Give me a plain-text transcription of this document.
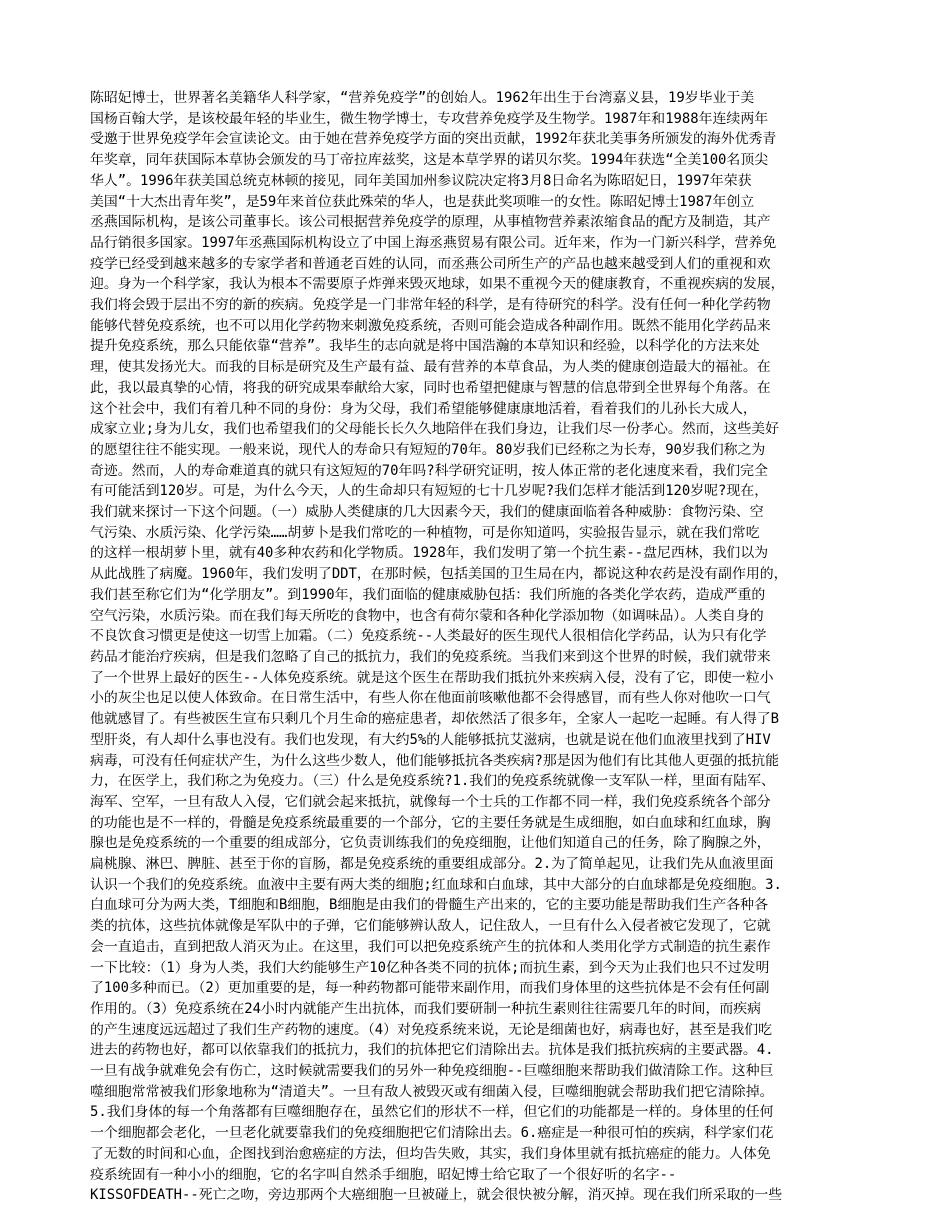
陈昭妃博士，世界著名美籍华人科学家，“营养免疫学”的创始人。1962年出生于台湾嘉义县，19岁毕业于美
国杨百翰大学，是该校最年轻的毕业生，微生物学博士，专攻营养免疫学及生物学。1987年和1988年连续两年
受邀于世界免疫学年会宣读论文。由于她在营养免疫学方面的突出贡献，1992年获北美事务所颁发的海外优秀青
年奖章，同年获国际本草协会颁发的马丁帝拉库兹奖，这是本草学界的诺贝尔奖。1994年获选“全美100名顶尖
华人”。1996年获美国总统克林顿的接见，同年美国加州参议院决定将3月8日命名为陈昭妃日，1997年荣获
美国“十大杰出青年奖”，是59年来首位获此殊荣的华人，也是获此奖项唯一的女性。陈昭妃博士1987年创立
丞燕国际机构，是该公司董事长。该公司根据营养免疫学的原理，从事植物营养素浓缩食品的配方及制造，其产
品行销很多国家。1997年丞燕国际机构设立了中国上海丞燕贸易有限公司。近年来，作为一门新兴科学，营养免
疫学已经受到越来越多的专家学者和普通老百姓的认同，而丞燕公司所生产的产品也越来越受到人们的重视和欢
迎。身为一个科学家，我认为根本不需要原子炸弹来毁灭地球，如果不重视今天的健康教育，不重视疾病的发展，
我们将会毁于层出不穷的新的疾病。免疫学是一门非常年轻的科学，是有待研究的科学。没有任何一种化学药物
能够代替免疫系统，也不可以用化学药物来刺激免疫系统，否则可能会造成各种副作用。既然不能用化学药品来
提升免疫系统，那么只能依靠“营养”。我毕生的志向就是将中国浩瀚的本草知识和经验，以科学化的方法来处
理，使其发扬光大。而我的目标是研究及生产最有益、最有营养的本草食品，为人类的健康创造最大的福祉。在
此，我以最真挚的心情，将我的研究成果奉献给大家，同时也希望把健康与智慧的信息带到全世界每个角落。在
这个社会中，我们有着几种不同的身份：身为父母，我们希望能够健康康地活着，看着我们的儿孙长大成人，
成家立业;身为儿女，我们也希望我们的父母能长长久久地陪伴在我们身边，让我们尽一份孝心。然而，这些美好
的愿望往往不能实现。一般来说，现代人的寿命只有短短的70年。80岁我们已经称之为长寿，90岁我们称之为
奇迹。然而，人的寿命难道真的就只有这短短的70年吗?科学研究证明，按人体正常的老化速度来看，我们完全
有可能活到120岁。可是，为什么今天，人的生命却只有短短的七十几岁呢?我们怎样才能活到120岁呢?现在，
我们就来探讨一下这个问题。（一）威胁人类健康的几大因素今天，我们的健康面临着各种威胁：食物污染、空
气污染、水质污染、化学污染……胡萝卜是我们常吃的一种植物，可是你知道吗，实验报告显示，就在我们常吃
的这样一根胡萝卜里，就有40多种农药和化学物质。1928年，我们发明了第一个抗生素--盘尼西林，我们以为
从此战胜了病魔。1960年，我们发明了DDT，在那时候，包括美国的卫生局在内，都说这种农药是没有副作用的，
我们甚至称它们为“化学朋友”。到1990年，我们面临的健康威胁包括：我们所施的各类化学农药，造成严重的
空气污染，水质污染。而在我们每天所吃的食物中，也含有荷尔蒙和各种化学添加物（如调味品）。人类自身的
不良饮食习惯更是使这一切雪上加霜。（二）免疫系统--人类最好的医生现代人很相信化学药品，认为只有化学
药品才能治疗疾病，但是我们忽略了自己的抵抗力，我们的免疫系统。当我们来到这个世界的时候，我们就带来
了一个世界上最好的医生--人体免疫系统。就是这个医生在帮助我们抵抗外来疾病入侵，没有了它，即使一粒小
小的灰尘也足以使人体致命。在日常生活中，有些人你在他面前咳嗽他都不会得感冒，而有些人你对他吹一口气
他就感冒了。有些被医生宣布只剩几个月生命的癌症患者，却依然活了很多年，全家人一起吃一起睡。有人得了B
型肝炎，有人却什么事也没有。我们也发现，有大约5%的人能够抵抗艾滋病，也就是说在他们血液里找到了HIV
病毒，可没有任何症状产生，为什么这些少数人，他们能够抵抗各类疾病?那是因为他们有比其他人更强的抵抗能
力，在医学上，我们称之为免疫力。（三）什么是免疫系统?1.我们的免疫系统就像一支军队一样，里面有陆军、
海军、空军，一旦有敌人入侵，它们就会起来抵抗，就像每一个士兵的工作都不同一样，我们免疫系统各个部分
的功能也是不一样的，骨髓是免疫系统最重要的一个部分，它的主要任务就是生成细胞，如白血球和红血球，胸
腺也是免疫系统的一个重要的组成部分，它负责训练我们的免疫细胞，让他们知道自己的任务，除了胸腺之外，
扁桃腺、淋巴、脾脏、甚至于你的盲肠，都是免疫系统的重要组成部分。2.为了简单起见，让我们先从血液里面
认识一个我们的免疫系统。血液中主要有两大类的细胞;红血球和白血球，其中大部分的白血球都是免疫细胞。3.
白血球可分为两大类，T细胞和B细胞，B细胞是由我们的骨髓生产出来的，它的主要功能是帮助我们生产各种各
类的抗体，这些抗体就像是军队中的子弹，它们能够辨认敌人，记住敌人，一旦有什么入侵者被它发现了，它就
会一直追击，直到把敌人消灭为止。在这里，我们可以把免疫系统产生的抗体和人类用化学方式制造的抗生素作
一下比较：（1）身为人类，我们大约能够生产10亿种各类不同的抗体;而抗生素，到今天为止我们也只不过发明
了100多种而已。（2）更加重要的是，每一种药物都可能带来副作用，而我们身体里的这些抗体是不会有任何副
作用的。（3）免疫系统在24小时内就能产生出抗体，而我们要研制一种抗生素则往往需要几年的时间，而疾病
的产生速度远远超过了我们生产药物的速度。（4）对免疫系统来说，无论是细菌也好，病毒也好，甚至是我们吃
进去的药物也好，都可以依靠我们的抵抗力，我们的抗体把它们清除出去。抗体是我们抵抗疾病的主要武器。4.
一旦有战争就难免会有伤亡，这时候就需要我们的另外一种免疫细胞--巨噬细胞来帮助我们做清除工作。这种巨
噬细胞常常被我们形象地称为“清道夫”。一旦有敌人被毁灭或有细菌入侵，巨噬细胞就会帮助我们把它清除掉。
5.我们身体的每一个角落都有巨噬细胞存在，虽然它们的形状不一样，但它们的功能都是一样的。身体里的任何
一个细胞都会老化，一旦老化就要靠我们的免疫细胞把它们清除出去。6.癌症是一种很可怕的疾病，科学家们花
了无数的时间和心血，企图找到治愈癌症的方法，但均告失败，其实，我们身体里就有抵抗癌症的能力。人体免
疫系统固有一种小小的细胞，它的名字叫自然杀手细胞，昭妃博士给它取了一个很好听的名字--
KISSOFDEATH--死亡之吻，旁边那两个大癌细胞一旦被碰上，就会很快被分解，消灭掉。现在我们所采取的一些
